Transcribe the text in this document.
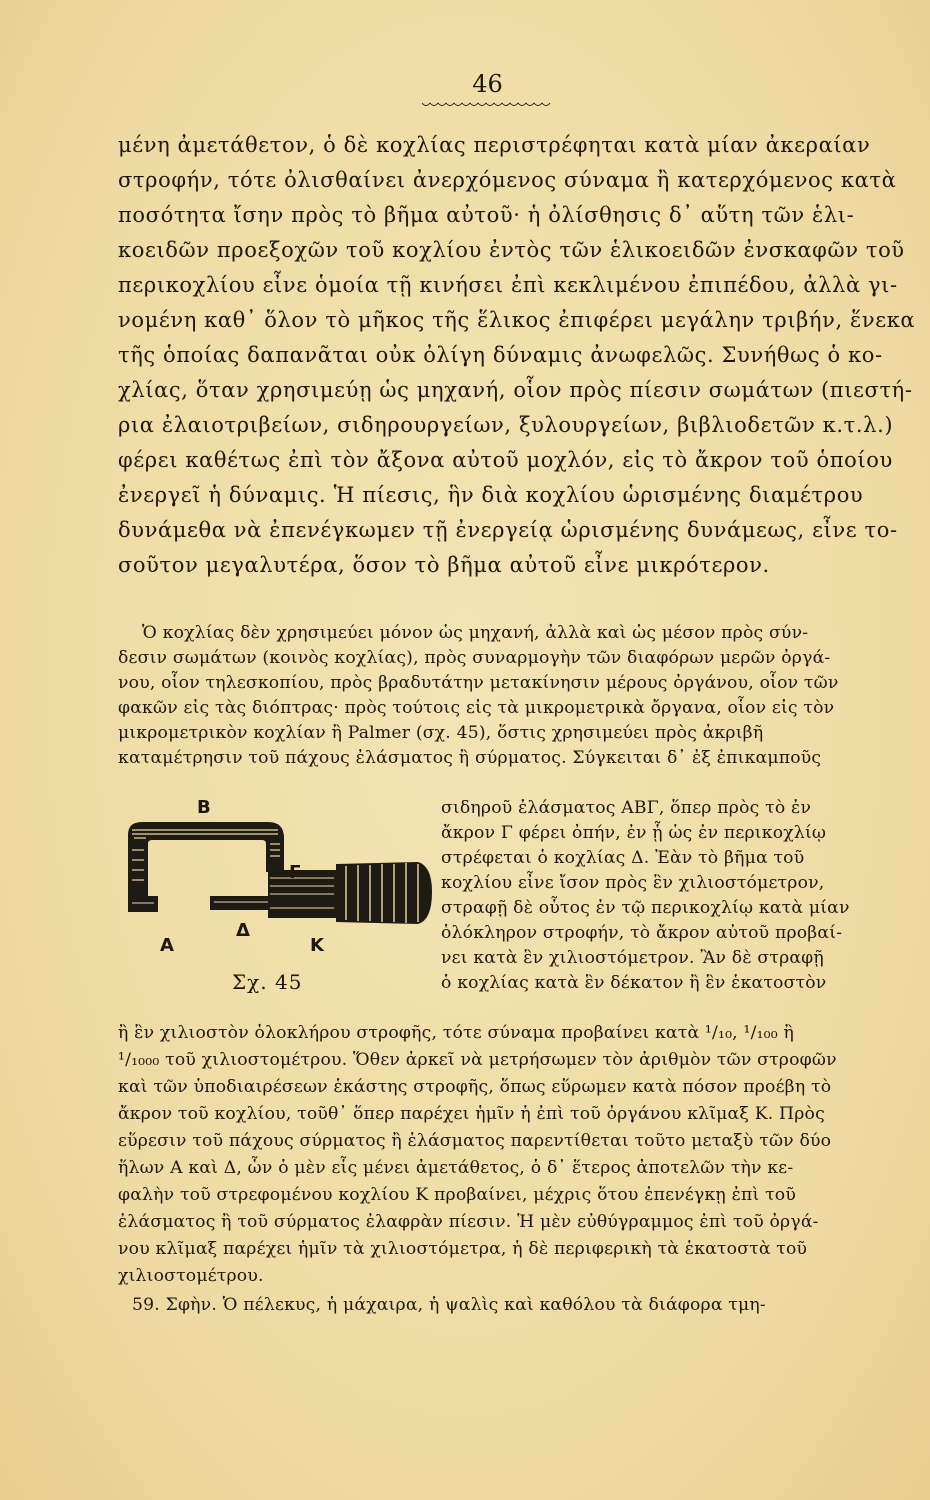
46
μένη ἀμετάθετον, ὁ δὲ κοχλίας περιστρέφηται κατὰ μίαν ἀκεραίαν
στροφήν, τότε ὀλισθαίνει ἀνερχόμενος σύναμα ἢ κατερχόμενος κατὰ
ποσότητα ἴσην πρὸς τὸ βῆμα αὐτοῦ· ἡ ὀλίσθησις δ᾿ αὕτη τῶν ἑλι-
κοειδῶν προεξοχῶν τοῦ κοχλίου ἐντὸς τῶν ἑλικοειδῶν ἐνσκαφῶν τοῦ
περικοχλίου εἶνε ὁμοία τῇ κινήσει ἐπὶ κεκλιμένου ἐπιπέδου, ἀλλὰ γι-
νομένη καθ᾿ ὅλον τὸ μῆκος τῆς ἕλικος ἐπιφέρει μεγάλην τριβήν, ἕνεκα
τῆς ὁποίας δαπανᾶται οὐκ ὀλίγη δύναμις ἀνωφελῶς. Συνήθως ὁ κο-
χλίας, ὅταν χρησιμεύῃ ὡς μηχανή, οἷον πρὸς πίεσιν σωμάτων (πιεστή-
ρια ἐλαιοτριβείων, σιδηρουργείων, ξυλουργείων, βιβλιοδετῶν κ.τ.λ.)
φέρει καθέτως ἐπὶ τὸν ἄξονα αὐτοῦ μοχλόν, εἰς τὸ ἄκρον τοῦ ὁποίου
ἐνεργεῖ ἡ δύναμις. Ἡ πίεσις, ἣν διὰ κοχλίου ὡρισμένης διαμέτρου
δυνάμεθα νὰ ἐπενέγκωμεν τῇ ἐνεργείᾳ ὡρισμένης δυνάμεως, εἶνε το-
σοῦτον μεγαλυτέρα, ὅσον τὸ βῆμα αὐτοῦ εἶνε μικρότερον.
Ὁ κοχλίας δὲν χρησιμεύει μόνον ὡς μηχανή, ἀλλὰ καὶ ὡς μέσον πρὸς σύν-
δεσιν σωμάτων (κοινὸς κοχλίας), πρὸς συναρμογὴν τῶν διαφόρων μερῶν ὀργά-
νου, οἷον τηλεσκοπίου, πρὸς βραδυτάτην μετακίνησιν μέρους ὀργάνου, οἷον τῶν
φακῶν εἰς τὰς διόπτρας· πρὸς τούτοις εἰς τὰ μικρομετρικὰ ὄργανα, οἷον εἰς τὸν
μικρομετρικὸν κοχλίαν ἢ Palmer (σχ. 45), ὅστις χρησιμεύει πρὸς ἀκριβῆ
καταμέτρησιν τοῦ πάχους ἐλάσματος ἢ σύρματος. Σύγκειται δ᾿ ἐξ ἐπικαμποῦς
B
Γ
Α
Δ
Κ
Σχ. 45
σιδηροῦ ἐλάσματος ΑΒΓ, ὅπερ πρὸς τὸ ἐν
ἄκρον Γ φέρει ὀπήν, ἐν ᾗ ὡς ἐν περικοχλίῳ
στρέφεται ὁ κοχλίας Δ. Ἐὰν τὸ βῆμα τοῦ
κοχλίου εἶνε ἴσον πρὸς ἓν χιλιοστόμετρον,
στραφῇ δὲ οὗτος ἐν τῷ περικοχλίῳ κατὰ μίαν
ὁλόκληρον στροφήν, τὸ ἄκρον αὐτοῦ προβαί-
νει κατὰ ἓν χιλιοστόμετρον. Ἂν δὲ στραφῇ
ὁ κοχλίας κατὰ ἓν δέκατον ἢ ἓν ἑκατοστὸν
ἢ ἓν χιλιοστὸν ὁλοκλήρου στροφῆς, τότε σύναμα προβαίνει κατὰ ¹/₁₀, ¹/₁₀₀ ἢ
¹/₁₀₀₀ τοῦ χιλιοστομέτρου. Ὅθεν ἀρκεῖ νὰ μετρήσωμεν τὸν ἀριθμὸν τῶν στροφῶν
καὶ τῶν ὑποδιαιρέσεων ἑκάστης στροφῆς, ὅπως εὕρωμεν κατὰ πόσον προέβη τὸ
ἄκρον τοῦ κοχλίου, τοῦθ᾿ ὅπερ παρέχει ἡμῖν ἡ ἐπὶ τοῦ ὀργάνου κλῖμαξ Κ. Πρὸς
εὕρεσιν τοῦ πάχους σύρματος ἢ ἐλάσματος παρεντίθεται τοῦτο μεταξὺ τῶν δύο
ἥλων Α καὶ Δ, ὧν ὁ μὲν εἷς μένει ἀμετάθετος, ὁ δ᾿ ἕτερος ἀποτελῶν τὴν κε-
φαλὴν τοῦ στρεφομένου κοχλίου Κ προβαίνει, μέχρις ὅτου ἐπενέγκῃ ἐπὶ τοῦ
ἐλάσματος ἢ τοῦ σύρματος ἐλαφρὰν πίεσιν. Ἡ μὲν εὐθύγραμμος ἐπὶ τοῦ ὀργά-
νου κλῖμαξ παρέχει ἡμῖν τὰ χιλιοστόμετρα, ἡ δὲ περιφερικὴ τὰ ἑκατοστὰ τοῦ
χιλιοστομέτρου.
59. Σφὴν. Ὁ πέλεκυς, ἡ μάχαιρα, ἡ ψαλὶς καὶ καθόλου τὰ διάφορα τμη-
